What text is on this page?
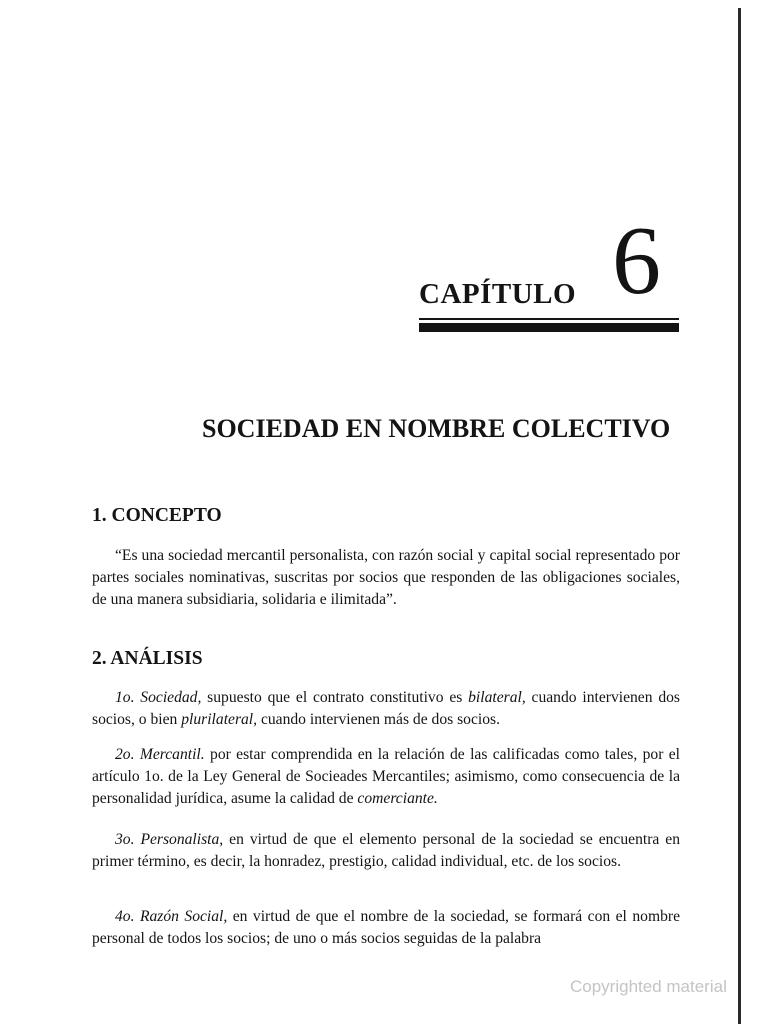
CAPÍTULO 6
SOCIEDAD EN NOMBRE COLECTIVO
1. CONCEPTO

“Es una sociedad mercantil personalista, con razón social y capital social representado por partes sociales nominativas, suscritas por socios que responden de las obligaciones sociales, de una manera subsidiaria, solidaria e ilimitada”.

2. ANÁLISIS

1o. Sociedad, supuesto que el contrato constitutivo es bilateral, cuando intervienen dos socios, o bien plurilateral, cuando intervienen más de dos socios.

2o. Mercantil. por estar comprendida en la relación de las calificadas como tales, por el artículo 1o. de la Ley General de Socieades Mercantiles; asimismo, como consecuencia de la personalidad jurídica, asume la calidad de comerciante.

3o. Personalista, en virtud de que el elemento personal de la sociedad se encuentra en primer término, es decir, la honradez, prestigio, calidad individual, etc. de los socios.

4o. Razón Social, en virtud de que el nombre de la sociedad, se formará con el nombre personal de todos los socios; de uno o más socios seguidas de la palabra

Copyrighted material
